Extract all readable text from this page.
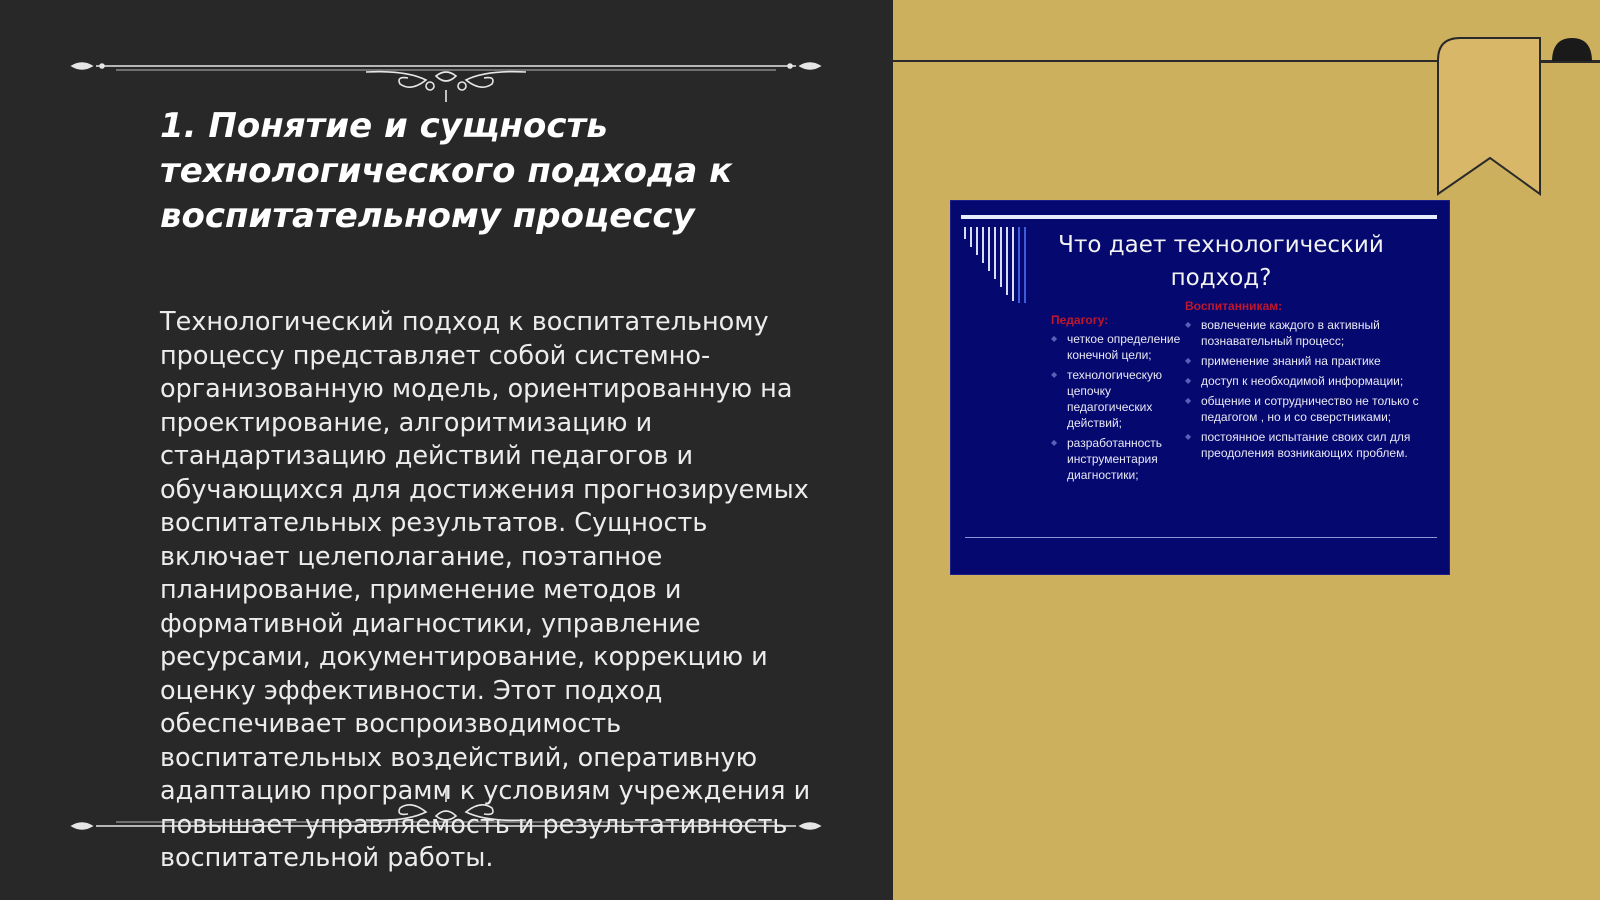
1. Понятие и сущность технологического подхода к воспитательному процессу

Технологический подход к воспитательному процессу представляет собой системно-организованную модель, ориентированную на проектирование, алгоритмизацию и стандартизацию действий педагогов и обучающихся для достижения прогнозируемых воспитательных результатов. Сущность включает целеполагание, поэтапное планирование, применение методов и формативной диагностики, управление ресурсами, документирование, коррекцию и оценку эффективности. Этот подход обеспечивает воспроизводимость воспитательных воздействий, оперативную адаптацию программ к условиям учреждения и повышает управляемость и результативность воспитательной работы.

Что дает технологический подход?
Педагогу:
Воспитанникам:
◆ четкое определение конечной цели;
◆ технологическую цепочку педагогических действий;
◆ разработанность инструментария диагностики;
◆ вовлечение каждого в активный познавательный процесс;
◆ применение знаний на практике
◆ доступ к необходимой информации;
◆ общение и сотрудничество не только с педагогом , но и со сверстниками;
◆ постоянное испытание своих сил для преодоления возникающих проблем.
